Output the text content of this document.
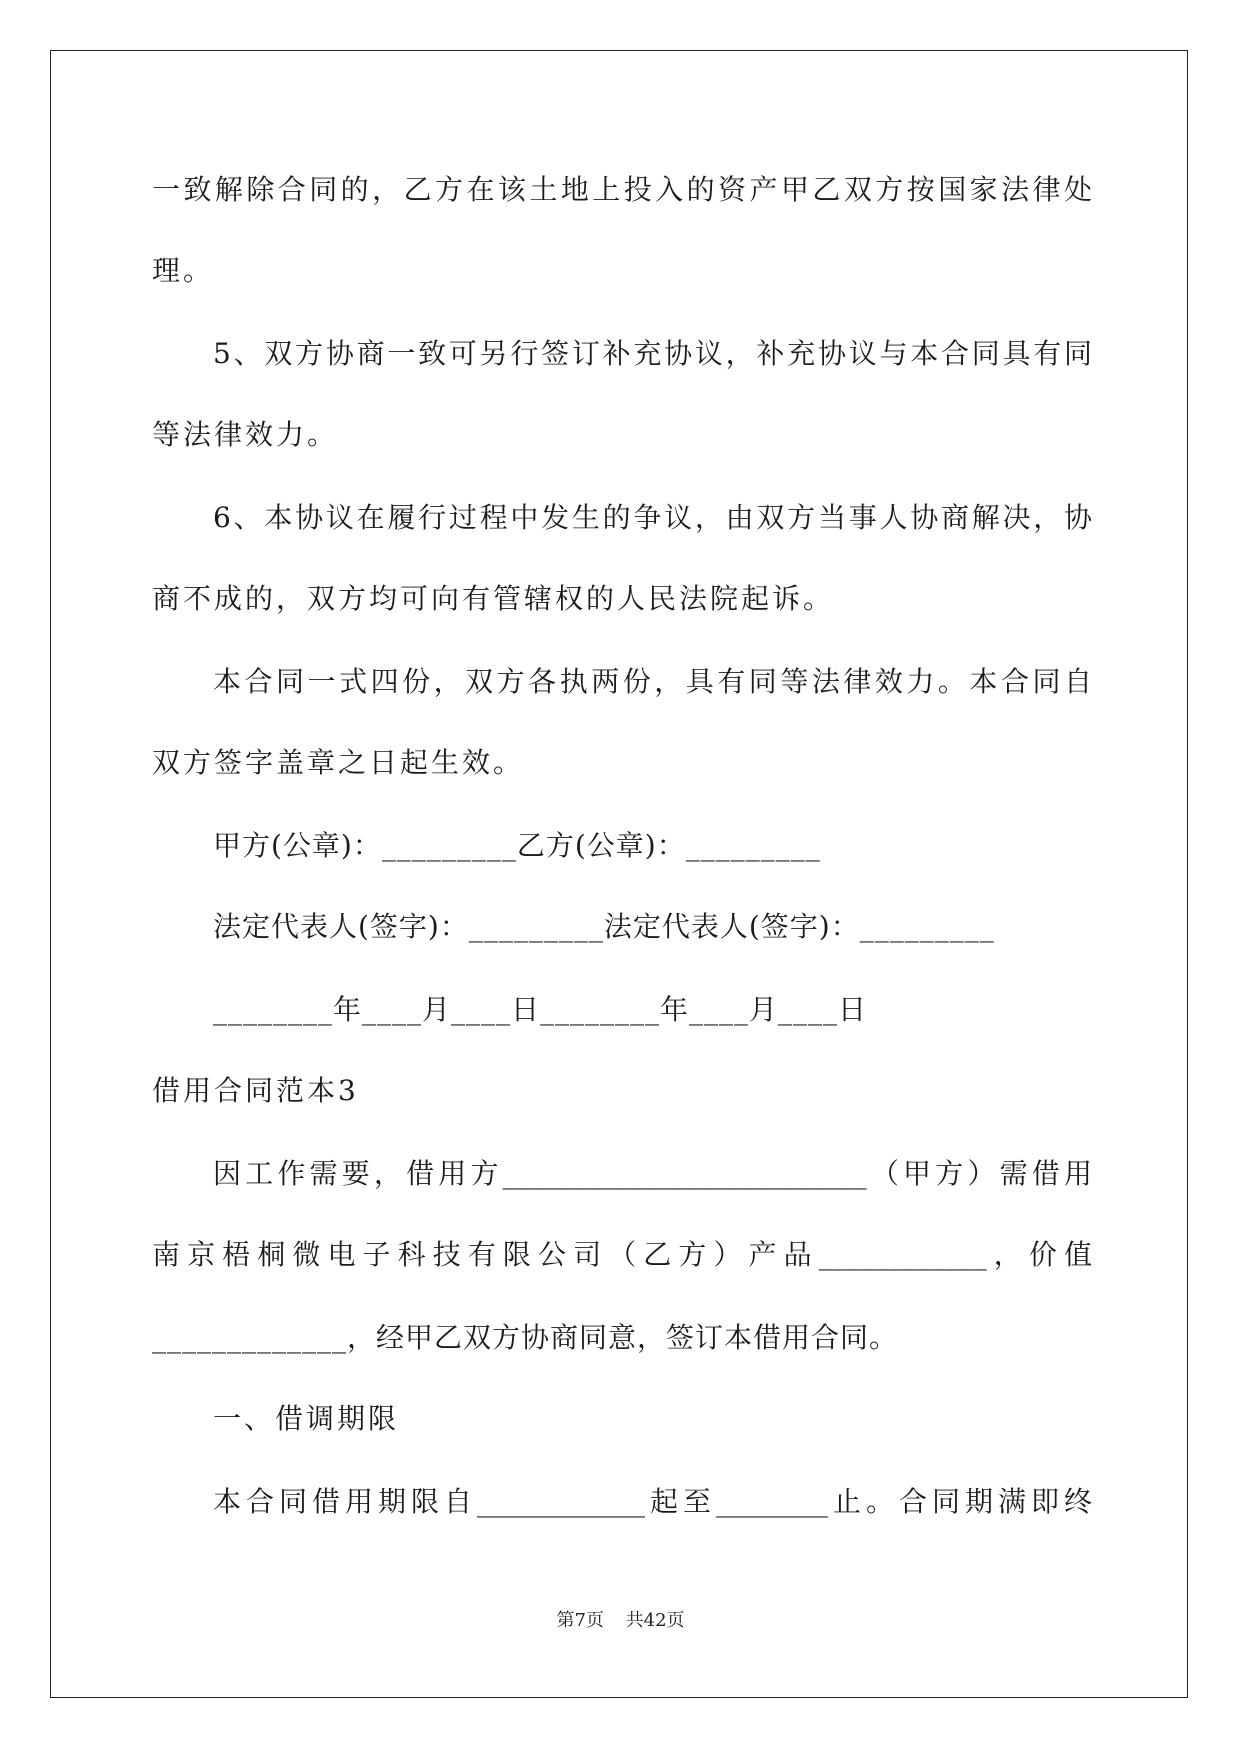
一致解除合同的，乙方在该土地上投入的资产甲乙双方按国家法律处
理。
5、双方协商一致可另行签订补充协议，补充协议与本合同具有同
等法律效力。
6、本协议在履行过程中发生的争议，由双方当事人协商解决，协
商不成的，双方均可向有管辖权的人民法院起诉。
本合同一式四份，双方各执两份，具有同等法律效力。本合同自
双方签字盖章之日起生效。
甲方(公章)：_________乙方(公章)：_________
法定代表人(签字)：_________法定代表人(签字)：_________
________年____月____日________年____月____日
借用合同范本3
因工作需要，借用方__________________________（甲方）需借用
南京梧桐微电子科技有限公司（乙方）产品____________，价值
_____________，经甲乙双方协商同意，签订本借用合同。
一、借调期限
本合同借用期限自____________起至________止。合同期满即终
第7页 共42页
